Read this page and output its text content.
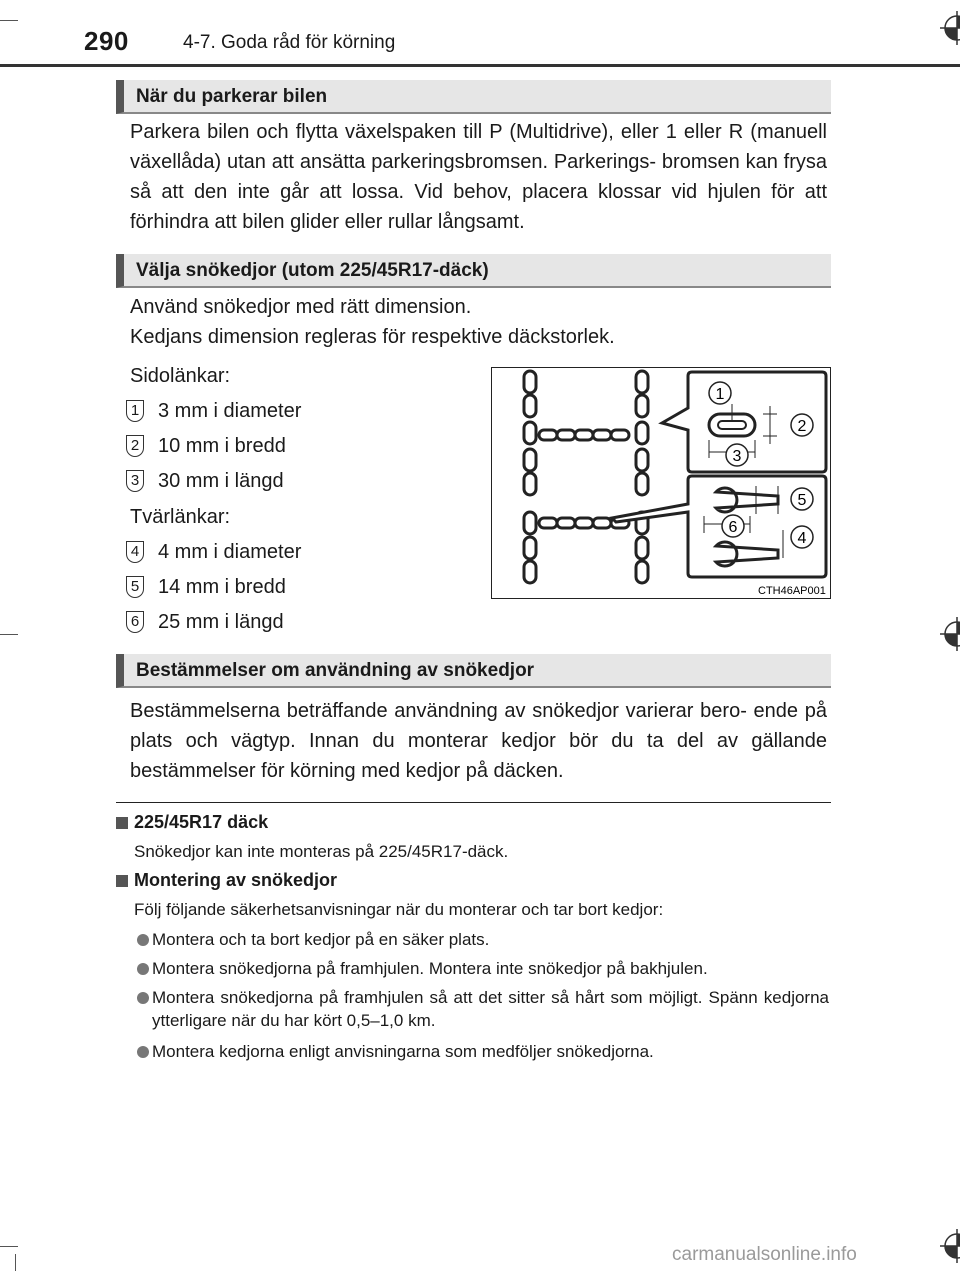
290	4-7. Goda råd för körning
När du parkerar bilen
Parkera bilen och flytta växelspaken till P (Multidrive), eller 1 eller R (manuell växellåda) utan att ansätta parkeringsbromsen. Parkerings- bromsen kan frysa så att den inte går att lossa. Vid behov, placera klossar vid hjulen för att förhindra att bilen glider eller rullar långsamt.
Välja snökedjor (utom 225/45R17-däck)
Använd snökedjor med rätt dimension.
Kedjans dimension regleras för respektive däckstorlek.
Sidolänkar:
1 3 mm i diameter
2 10 mm i bredd
3 30 mm i längd
Tvärlänkar:
4 4 mm i diameter
5 14 mm i bredd
6 25 mm i längd
1
2
3
5
6
4
CTH46AP001
Bestämmelser om användning av snökedjor
Bestämmelserna beträffande användning av snökedjor varierar bero- ende på plats och vägtyp. Innan du monterar kedjor bör du ta del av gällande bestämmelser för körning med kedjor på däcken.
225/45R17 däck
Snökedjor kan inte monteras på 225/45R17-däck.
Montering av snökedjor
Följ följande säkerhetsanvisningar när du monterar och tar bort kedjor:
Montera och ta bort kedjor på en säker plats.
Montera snökedjorna på framhjulen. Montera inte snökedjor på bakhjulen.
Montera snökedjorna på framhjulen så att det sitter så hårt som möjligt. Spänn kedjorna ytterligare när du har kört 0,5–1,0 km.
Montera kedjorna enligt anvisningarna som medföljer snökedjorna.
carmanualsonline.info
